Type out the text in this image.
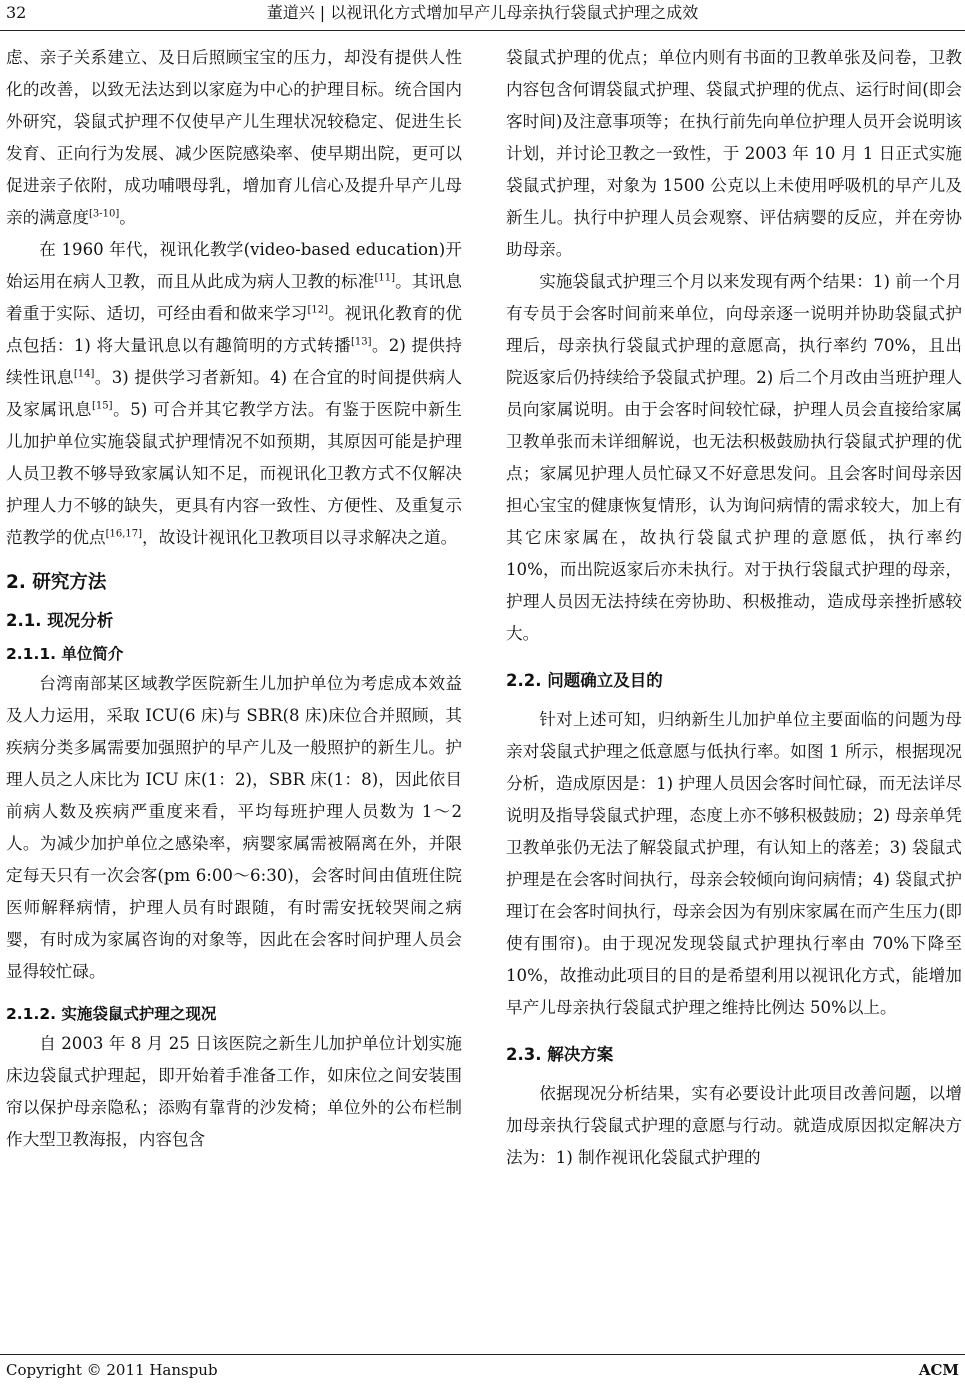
32	董道兴 | 以视讯化方式增加早产儿母亲执行袋鼠式护理之成效

虑、亲子关系建立、及日后照顾宝宝的压力，却没有提供人性化的改善，以致无法达到以家庭为中心的护理目标。统合国内外研究，袋鼠式护理不仅使早产儿生理状况较稳定、促进生长发育、正向行为发展、减少医院感染率、使早期出院，更可以促进亲子依附，成功哺喂母乳，增加育儿信心及提升早产儿母亲的满意度[3-10]。

在 1960 年代，视讯化教学(video-based education)开始运用在病人卫教，而且从此成为病人卫教的标准[11]。其讯息着重于实际、适切，可经由看和做来学习[12]。视讯化教育的优点包括：1) 将大量讯息以有趣简明的方式转播[13]。2) 提供持续性讯息[14]。3) 提供学习者新知。4) 在合宜的时间提供病人及家属讯息[15]。5) 可合并其它教学方法。有鉴于医院中新生儿加护单位实施袋鼠式护理情况不如预期，其原因可能是护理人员卫教不够导致家属认知不足，而视讯化卫教方式不仅解决护理人力不够的缺失，更具有内容一致性、方便性、及重复示范教学的优点[16,17]，故设计视讯化卫教项目以寻求解决之道。

2. 研究方法
2.1. 现况分析
2.1.1. 单位简介

台湾南部某区域教学医院新生儿加护单位为考虑成本效益及人力运用，采取 ICU(6 床)与 SBR(8 床)床位合并照顾，其疾病分类多属需要加强照护的早产儿及一般照护的新生儿。护理人员之人床比为 ICU 床(1：2)，SBR 床(1：8)，因此依目前病人数及疾病严重度来看，平均每班护理人员数为 1～2 人。为减少加护单位之感染率，病婴家属需被隔离在外，并限定每天只有一次会客(pm 6:00～6:30)，会客时间由值班住院医师解释病情，护理人员有时跟随，有时需安抚较哭闹之病婴，有时成为家属咨询的对象等，因此在会客时间护理人员会显得较忙碌。

2.1.2. 实施袋鼠式护理之现况

自 2003 年 8 月 25 日该医院之新生儿加护单位计划实施床边袋鼠式护理起，即开始着手准备工作，如床位之间安装围帘以保护母亲隐私；添购有靠背的沙发椅；单位外的公布栏制作大型卫教海报，内容包含

袋鼠式护理的优点；单位内则有书面的卫教单张及问卷，卫教内容包含何谓袋鼠式护理、袋鼠式护理的优点、运行时间(即会客时间)及注意事项等；在执行前先向单位护理人员开会说明该计划，并讨论卫教之一致性，于 2003 年 10 月 1 日正式实施袋鼠式护理，对象为 1500 公克以上未使用呼吸机的早产儿及新生儿。执行中护理人员会观察、评估病婴的反应，并在旁协助母亲。

实施袋鼠式护理三个月以来发现有两个结果：1) 前一个月有专员于会客时间前来单位，向母亲逐一说明并协助袋鼠式护理后，母亲执行袋鼠式护理的意愿高，执行率约 70%，且出院返家后仍持续给予袋鼠式护理。2) 后二个月改由当班护理人员向家属说明。由于会客时间较忙碌，护理人员会直接给家属卫教单张而未详细解说，也无法积极鼓励执行袋鼠式护理的优点；家属见护理人员忙碌又不好意思发问。且会客时间母亲因担心宝宝的健康恢复情形，认为询问病情的需求较大，加上有其它床家属在，故执行袋鼠式护理的意愿低，执行率约 10%，而出院返家后亦未执行。对于执行袋鼠式护理的母亲，护理人员因无法持续在旁协助、积极推动，造成母亲挫折感较大。

2.2. 问题确立及目的

针对上述可知，归纳新生儿加护单位主要面临的问题为母亲对袋鼠式护理之低意愿与低执行率。如图 1 所示，根据现况分析，造成原因是：1) 护理人员因会客时间忙碌，而无法详尽说明及指导袋鼠式护理，态度上亦不够积极鼓励；2) 母亲单凭卫教单张仍无法了解袋鼠式护理，有认知上的落差；3) 袋鼠式护理是在会客时间执行，母亲会较倾向询问病情；4) 袋鼠式护理订在会客时间执行，母亲会因为有别床家属在而产生压力(即使有围帘)。由于现况发现袋鼠式护理执行率由 70%下降至 10%，故推动此项目的目的是希望利用以视讯化方式，能增加早产儿母亲执行袋鼠式护理之维持比例达 50%以上。

2.3. 解决方案

依据现况分析结果，实有必要设计此项目改善问题，以增加母亲执行袋鼠式护理的意愿与行动。就造成原因拟定解决方法为：1) 制作视讯化袋鼠式护理的

Copyright © 2011 Hanspub	ACM
